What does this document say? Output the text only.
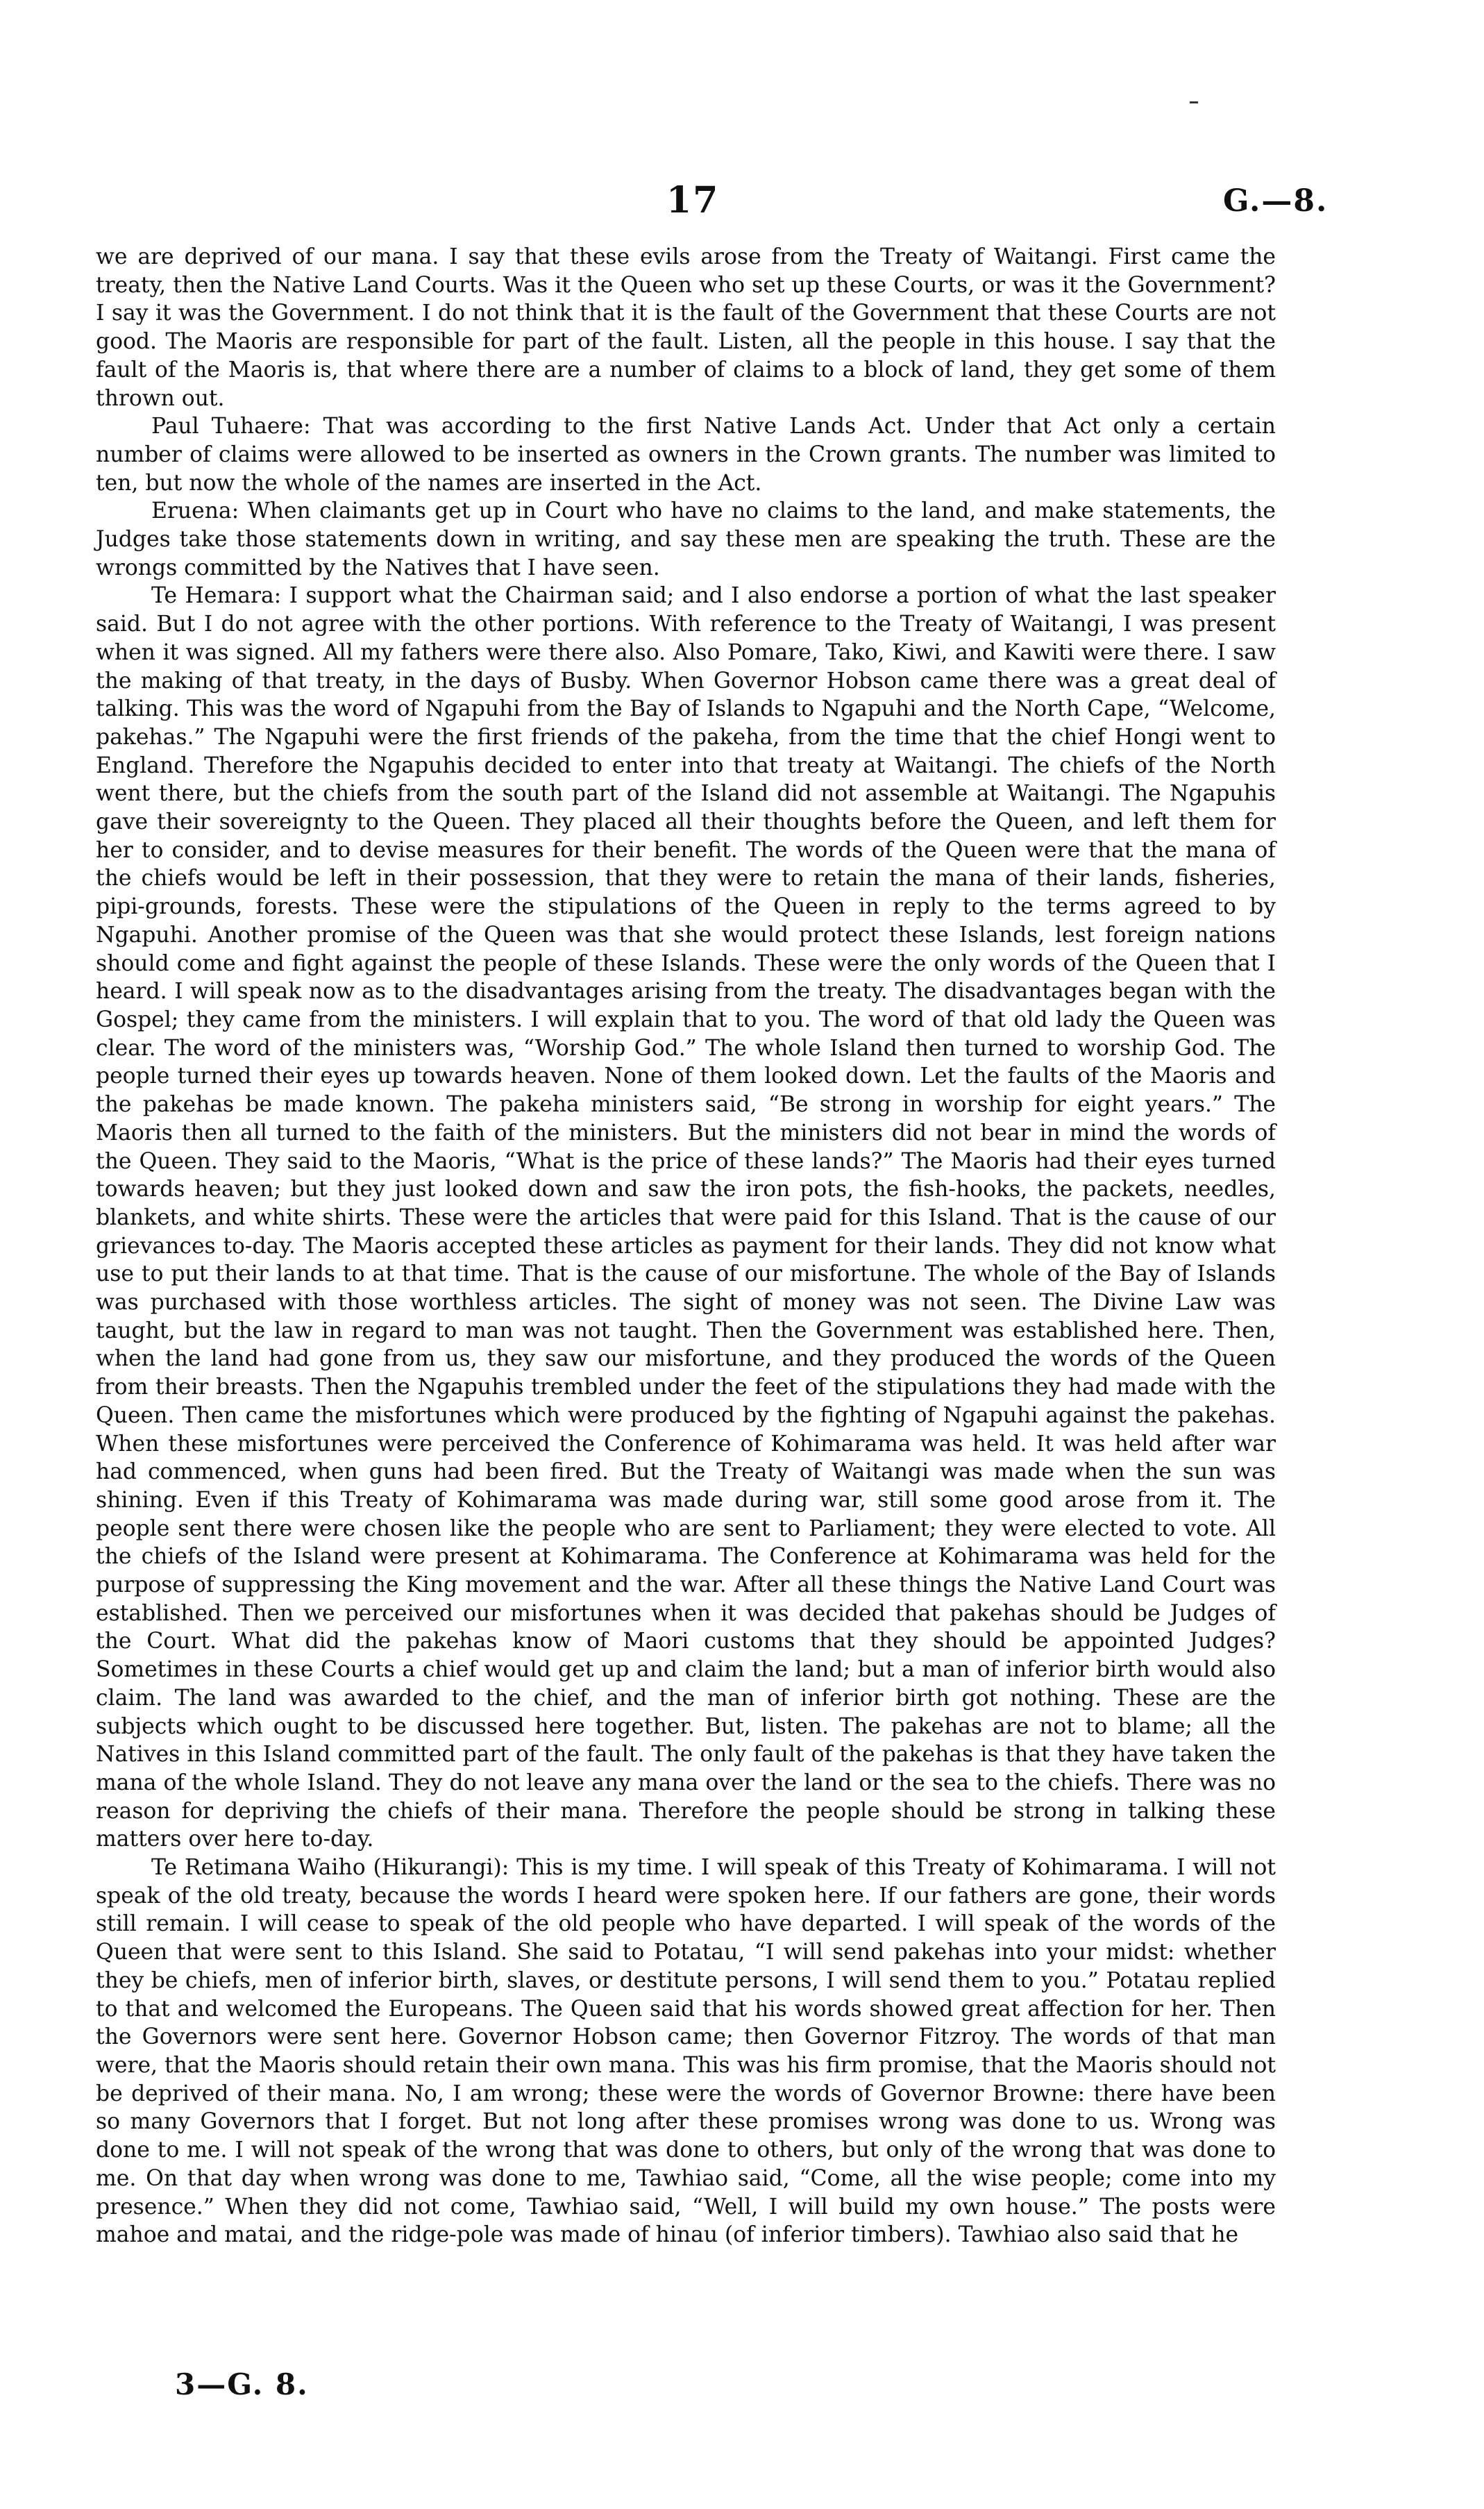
17	G.—8.

we are deprived of our mana. I say that these evils arose from the Treaty of Waitangi. First came the treaty, then the Native Land Courts. Was it the Queen who set up these Courts, or was it the Government? I say it was the Government. I do not think that it is the fault of the Government that these Courts are not good. The Maoris are responsible for part of the fault. Listen, all the people in this house. I say that the fault of the Maoris is, that where there are a number of claims to a block of land, they get some of them thrown out.

Paul Tuhaere: That was according to the first Native Lands Act. Under that Act only a certain number of claims were allowed to be inserted as owners in the Crown grants. The number was limited to ten, but now the whole of the names are inserted in the Act.

Eruena: When claimants get up in Court who have no claims to the land, and make statements, the Judges take those statements down in writing, and say these men are speaking the truth. These are the wrongs committed by the Natives that I have seen.

Te Hemara: I support what the Chairman said; and I also endorse a portion of what the last speaker said. But I do not agree with the other portions. With reference to the Treaty of Waitangi, I was present when it was signed. All my fathers were there also. Also Pomare, Tako, Kiwi, and Kawiti were there. I saw the making of that treaty, in the days of Busby. When Governor Hobson came there was a great deal of talking. This was the word of Ngapuhi from the Bay of Islands to Ngapuhi and the North Cape, “Welcome, pakehas.” The Ngapuhi were the first friends of the pakeha, from the time that the chief Hongi went to England. Therefore the Ngapuhis decided to enter into that treaty at Waitangi. The chiefs of the North went there, but the chiefs from the south part of the Island did not assemble at Waitangi. The Ngapuhis gave their sovereignty to the Queen. They placed all their thoughts before the Queen, and left them for her to consider, and to devise measures for their benefit. The words of the Queen were that the mana of the chiefs would be left in their possession, that they were to retain the mana of their lands, fisheries, pipi-grounds, forests. These were the stipulations of the Queen in reply to the terms agreed to by Ngapuhi. Another promise of the Queen was that she would protect these Islands, lest foreign nations should come and fight against the people of these Islands. These were the only words of the Queen that I heard. I will speak now as to the disadvantages arising from the treaty. The disadvantages began with the Gospel; they came from the ministers. I will explain that to you. The word of that old lady the Queen was clear. The word of the ministers was, “Worship God.” The whole Island then turned to worship God. The people turned their eyes up towards heaven. None of them looked down. Let the faults of the Maoris and the pakehas be made known. The pakeha ministers said, “Be strong in worship for eight years.” The Maoris then all turned to the faith of the ministers. But the ministers did not bear in mind the words of the Queen. They said to the Maoris, “What is the price of these lands?” The Maoris had their eyes turned towards heaven; but they just looked down and saw the iron pots, the fish-hooks, the packets, needles, blankets, and white shirts. These were the articles that were paid for this Island. That is the cause of our grievances to-day. The Maoris accepted these articles as payment for their lands. They did not know what use to put their lands to at that time. That is the cause of our misfortune. The whole of the Bay of Islands was purchased with those worthless articles. The sight of money was not seen. The Divine Law was taught, but the law in regard to man was not taught. Then the Government was established here. Then, when the land had gone from us, they saw our misfortune, and they produced the words of the Queen from their breasts. Then the Ngapuhis trembled under the feet of the stipulations they had made with the Queen. Then came the misfortunes which were produced by the fighting of Ngapuhi against the pakehas. When these misfortunes were perceived the Conference of Kohimarama was held. It was held after war had commenced, when guns had been fired. But the Treaty of Waitangi was made when the sun was shining. Even if this Treaty of Kohimarama was made during war, still some good arose from it. The people sent there were chosen like the people who are sent to Parliament; they were elected to vote. All the chiefs of the Island were present at Kohimarama. The Conference at Kohimarama was held for the purpose of suppressing the King movement and the war. After all these things the Native Land Court was established. Then we perceived our misfortunes when it was decided that pakehas should be Judges of the Court. What did the pakehas know of Maori customs that they should be appointed Judges? Sometimes in these Courts a chief would get up and claim the land; but a man of inferior birth would also claim. The land was awarded to the chief, and the man of inferior birth got nothing. These are the subjects which ought to be discussed here together. But, listen. The pakehas are not to blame; all the Natives in this Island committed part of the fault. The only fault of the pakehas is that they have taken the mana of the whole Island. They do not leave any mana over the land or the sea to the chiefs. There was no reason for depriving the chiefs of their mana. Therefore the people should be strong in talking these matters over here to-day.

Te Retimana Waiho (Hikurangi): This is my time. I will speak of this Treaty of Kohimarama. I will not speak of the old treaty, because the words I heard were spoken here. If our fathers are gone, their words still remain. I will cease to speak of the old people who have departed. I will speak of the words of the Queen that were sent to this Island. She said to Potatau, “I will send pakehas into your midst: whether they be chiefs, men of inferior birth, slaves, or destitute persons, I will send them to you.” Potatau replied to that and welcomed the Europeans. The Queen said that his words showed great affection for her. Then the Governors were sent here. Governor Hobson came; then Governor Fitzroy. The words of that man were, that the Maoris should retain their own mana. This was his firm promise, that the Maoris should not be deprived of their mana. No, I am wrong; these were the words of Governor Browne: there have been so many Governors that I forget. But not long after these promises wrong was done to us. Wrong was done to me. I will not speak of the wrong that was done to others, but only of the wrong that was done to me. On that day when wrong was done to me, Tawhiao said, “Come, all the wise people; come into my presence.” When they did not come, Tawhiao said, “Well, I will build my own house.” The posts were mahoe and matai, and the ridge-pole was made of hinau (of inferior timbers). Tawhiao also said that he

3—G. 8.
